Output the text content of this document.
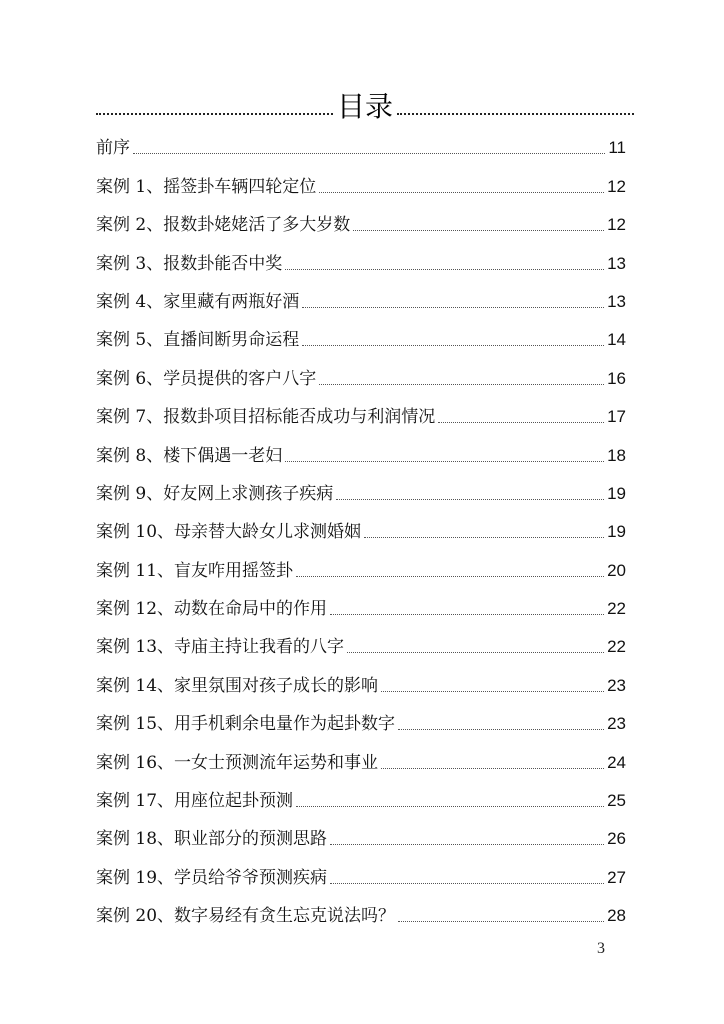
目录
前序	11
案例 1、摇签卦车辆四轮定位	12
案例 2、报数卦姥姥活了多大岁数	12
案例 3、报数卦能否中奖	13
案例 4、家里藏有两瓶好酒	13
案例 5、直播间断男命运程	14
案例 6、学员提供的客户八字	16
案例 7、报数卦项目招标能否成功与利润情况	17
案例 8、楼下偶遇一老妇	18
案例 9、好友网上求测孩子疾病	19
案例 10、母亲替大龄女儿求测婚姻	19
案例 11、盲友咋用摇签卦	20
案例 12、动数在命局中的作用	22
案例 13、寺庙主持让我看的八字	22
案例 14、家里氛围对孩子成长的影响	23
案例 15、用手机剩余电量作为起卦数字	23
案例 16、一女士预测流年运势和事业	24
案例 17、用座位起卦预测	25
案例 18、职业部分的预测思路	26
案例 19、学员给爷爷预测疾病	27
案例 20、数字易经有贪生忘克说法吗？	28
3
